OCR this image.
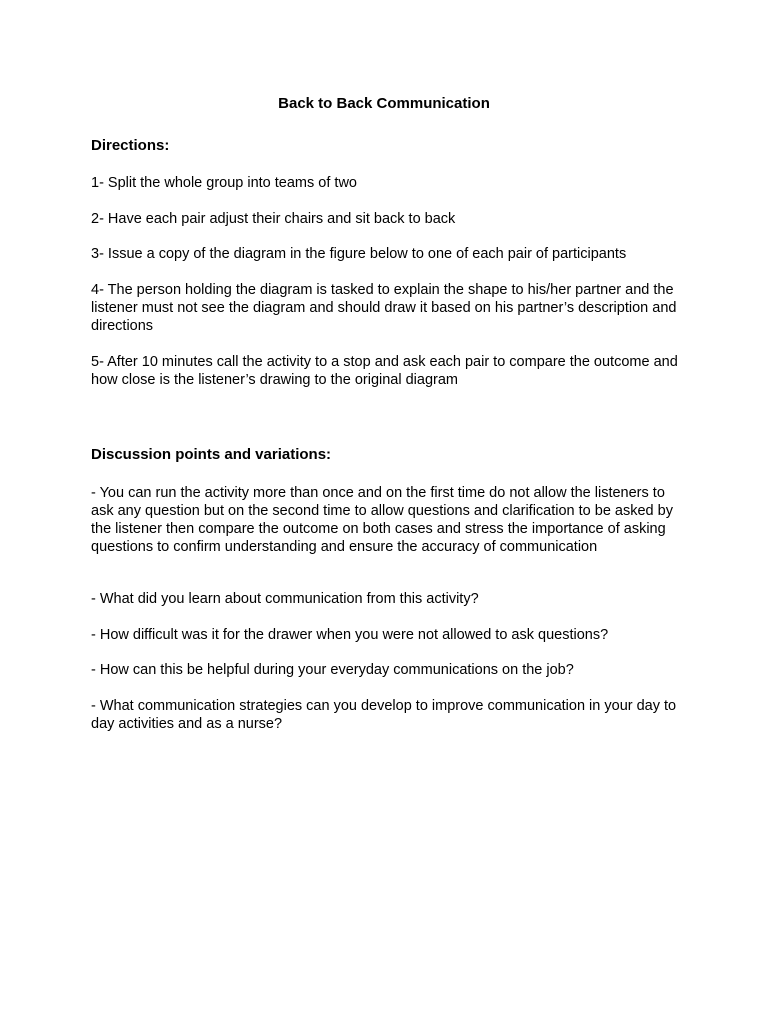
Back to Back Communication
Directions:
1- Split the whole group into teams of two
2- Have each pair adjust their chairs and sit back to back
3- Issue a copy of the diagram in the figure below to one of each pair of participants
4- The person holding the diagram is tasked to explain the shape to his/her partner and the listener must not see the diagram and should draw it based on his partner’s description and directions
5- After 10 minutes call the activity to a stop and ask each pair to compare the outcome and how close is the listener’s drawing to the original diagram
Discussion points and variations:
- You can run the activity more than once and on the first time do not allow the listeners to ask any question but on the second time to allow questions and clarification to be asked by the listener then compare the outcome on both cases and stress the importance of asking questions to confirm understanding and ensure the accuracy of communication
- What did you learn about communication from this activity?
- How difficult was it for the drawer when you were not allowed to ask questions?
- How can this be helpful during your everyday communications on the job?
- What communication strategies can you develop to improve communication in your day to day activities and as a nurse?
